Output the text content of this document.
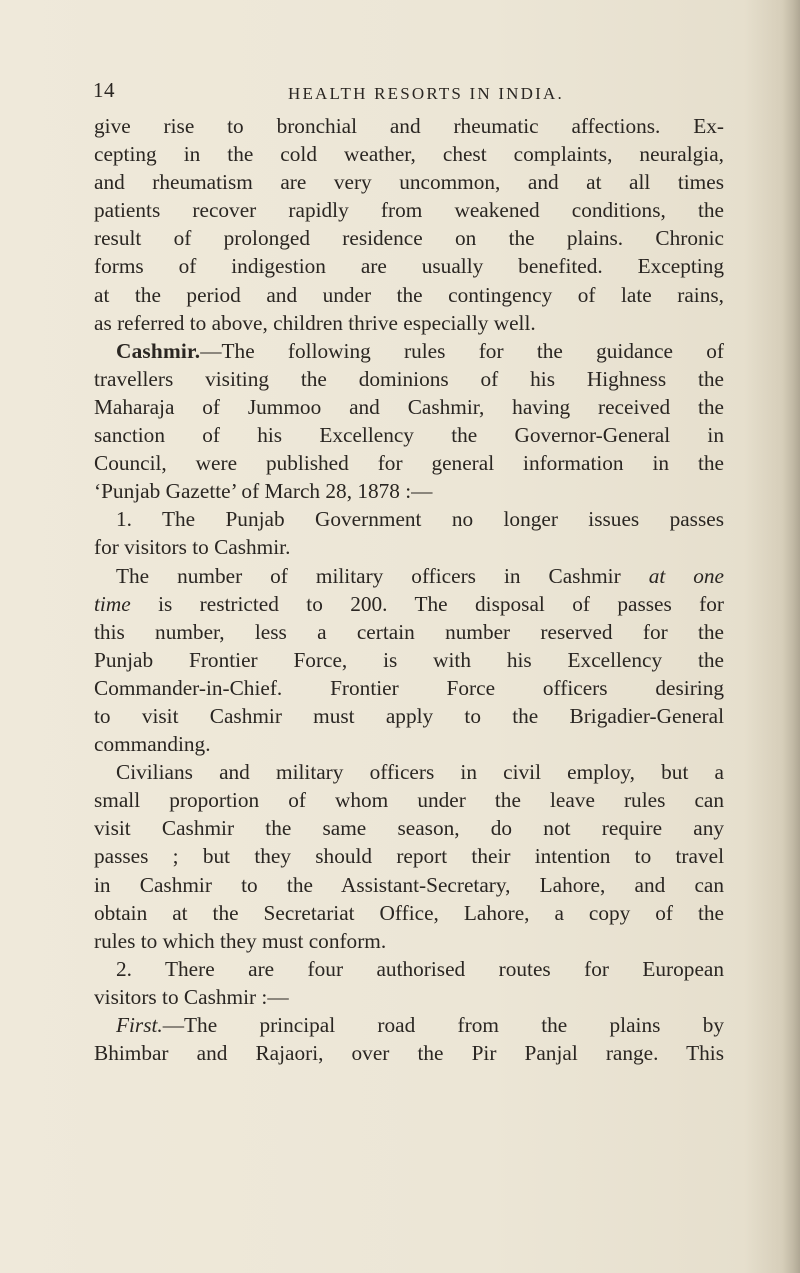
14	HEALTH RESORTS IN INDIA.
give rise to bronchial and rheumatic affections. Ex-
cepting in the cold weather, chest complaints, neuralgia,
and rheumatism are very uncommon, and at all times
patients recover rapidly from weakened conditions, the
result of prolonged residence on the plains. Chronic
forms of indigestion are usually benefited. Excepting
at the period and under the contingency of late rains,
as referred to above, children thrive especially well.
Cashmir.—The following rules for the guidance of
travellers visiting the dominions of his Highness the
Maharaja of Jummoo and Cashmir, having received the
sanction of his Excellency the Governor-General in
Council, were published for general information in the
‘Punjab Gazette’ of March 28, 1878 :—
1. The Punjab Government no longer issues passes
for visitors to Cashmir.
The number of military officers in Cashmir at one
time is restricted to 200. The disposal of passes for
this number, less a certain number reserved for the
Punjab Frontier Force, is with his Excellency the
Commander-in-Chief. Frontier Force officers desiring
to visit Cashmir must apply to the Brigadier-General
commanding.
Civilians and military officers in civil employ, but a
small proportion of whom under the leave rules can
visit Cashmir the same season, do not require any
passes ; but they should report their intention to travel
in Cashmir to the Assistant-Secretary, Lahore, and can
obtain at the Secretariat Office, Lahore, a copy of the
rules to which they must conform.
2. There are four authorised routes for European
visitors to Cashmir :—
First.—The principal road from the plains by
Bhimbar and Rajaori, over the Pir Panjal range. This
